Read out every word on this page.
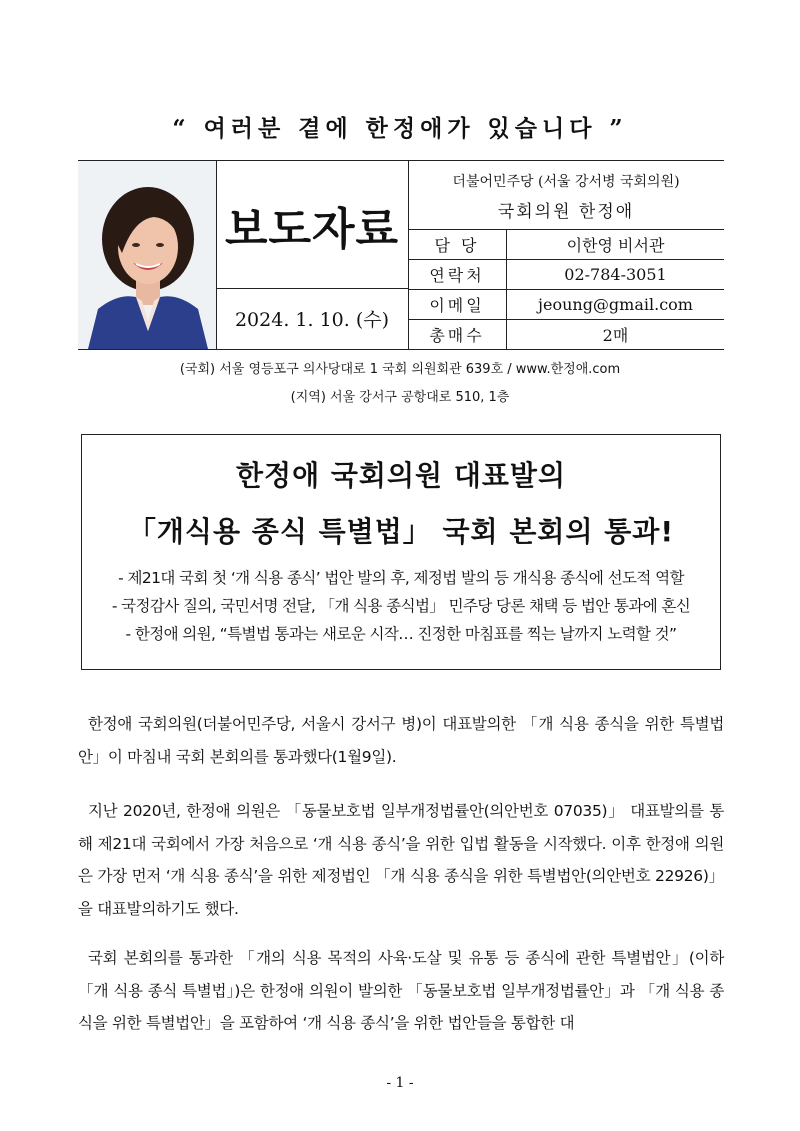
“ 여러분 곁에 한정애가 있습니다 ”
보도자료
2024. 1. 10. (수)
더불어민주당 (서울 강서병 국회의원)
국회의원 한정애
담 당	이한영 비서관
연락처	02-784-3051
이메일	jeoung@gmail.com
총매수	2매
(국회) 서울 영등포구 의사당대로 1 국회 의원회관 639호 / www.한정애.com
(지역) 서울 강서구 공항대로 510, 1층
한정애 국회의원 대표발의
「개식용 종식 특별법」 국회 본회의 통과!
- 제21대 국회 첫 ‘개 식용 종식’ 법안 발의 후, 제정법 발의 등 개식용 종식에 선도적 역할
- 국정감사 질의, 국민서명 전달, 「개 식용 종식법」 민주당 당론 채택 등 법안 통과에 혼신
- 한정애 의원, “특별법 통과는 새로운 시작… 진정한 마침표를 찍는 날까지 노력할 것”
한정애 국회의원(더불어민주당, 서울시 강서구 병)이 대표발의한 「개 식용 종식을 위한 특별법안」이 마침내 국회 본회의를 통과했다(1월9일).
지난 2020년, 한정애 의원은 「동물보호법 일부개정법률안(의안번호 07035)」 대표발의를 통해 제21대 국회에서 가장 처음으로 ‘개 식용 종식’을 위한 입법 활동을 시작했다. 이후 한정애 의원은 가장 먼저 ‘개 식용 종식’을 위한 제정법인 「개 식용 종식을 위한 특별법안(의안번호 22926)」을 대표발의하기도 했다.
국회 본회의를 통과한 「개의 식용 목적의 사육·도살 및 유통 등 종식에 관한 특별법안」(이하 「개 식용 종식 특별법」)은 한정애 의원이 발의한 「동물보호법 일부개정법률안」과 「개 식용 종식을 위한 특별법안」을 포함하여 ‘개 식용 종식’을 위한 법안들을 통합한 대
- 1 -
